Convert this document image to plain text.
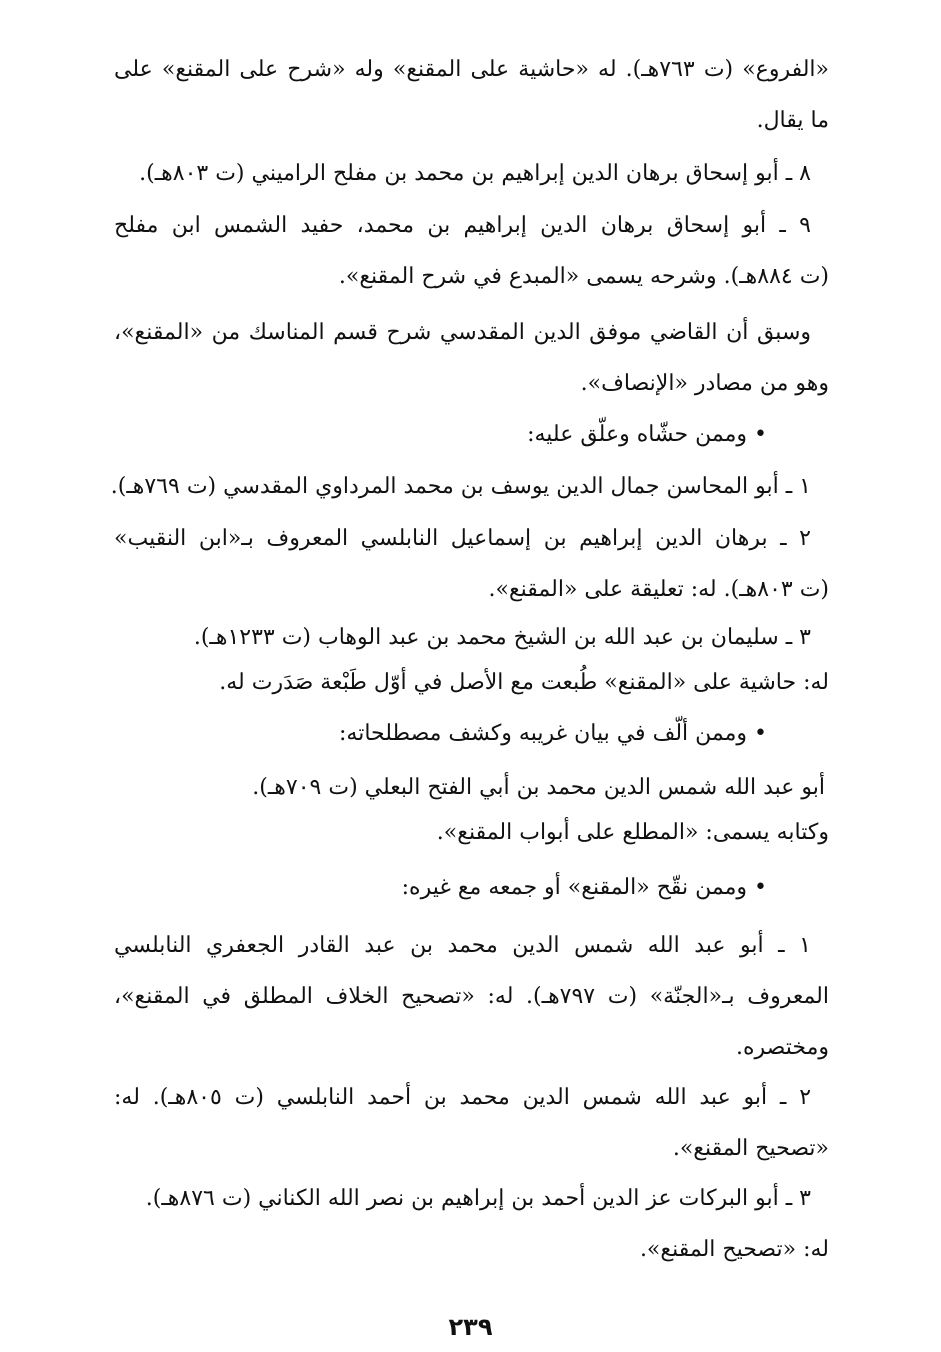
«الفروع» (ت ٧٦٣هـ). له «حاشية على المقنع» وله «شرح على المقنع» على
ما يقال.

٨ ـ أبو إسحاق برهان الدين إبراهيم بن محمد بن مفلح الراميني (ت ٨٠٣هـ).

٩ ـ أبو إسحاق برهان الدين إبراهيم بن محمد، حفيد الشمس ابن مفلح
(ت ٨٨٤هـ). وشرحه يسمى «المبدع في شرح المقنع».

وسبق أن القاضي موفق الدين المقدسي شرح قسم المناسك من «المقنع»،
وهو من مصادر «الإنصاف».

• وممن حشّاه وعلّق عليه:

١ ـ أبو المحاسن جمال الدين يوسف بن محمد المرداوي المقدسي (ت ٧٦٩هـ).

٢ ـ برهان الدين إبراهيم بن إسماعيل النابلسي المعروف بـ«ابن النقيب»
(ت ٨٠٣هـ). له: تعليقة على «المقنع».

٣ ـ سليمان بن عبد الله بن الشيخ محمد بن عبد الوهاب (ت ١٢٣٣هـ).
له: حاشية على «المقنع» طُبعت مع الأصل في أوّل طَبْعة صَدَرت له.

• وممن ألّف في بيان غريبه وكشف مصطلحاته:

أبو عبد الله شمس الدين محمد بن أبي الفتح البعلي (ت ٧٠٩هـ).
وكتابه يسمى: «المطلع على أبواب المقنع».

• وممن نقّح «المقنع» أو جمعه مع غيره:

١ ـ أبو عبد الله شمس الدين محمد بن عبد القادر الجعفري النابلسي
المعروف بـ«الجنّة» (ت ٧٩٧هـ). له: «تصحيح الخلاف المطلق في المقنع»،
ومختصره.

٢ ـ أبو عبد الله شمس الدين محمد بن أحمد النابلسي (ت ٨٠٥هـ). له:
«تصحيح المقنع».

٣ ـ أبو البركات عز الدين أحمد بن إبراهيم بن نصر الله الكناني (ت ٨٧٦هـ).
له: «تصحيح المقنع».

٢٣٩
